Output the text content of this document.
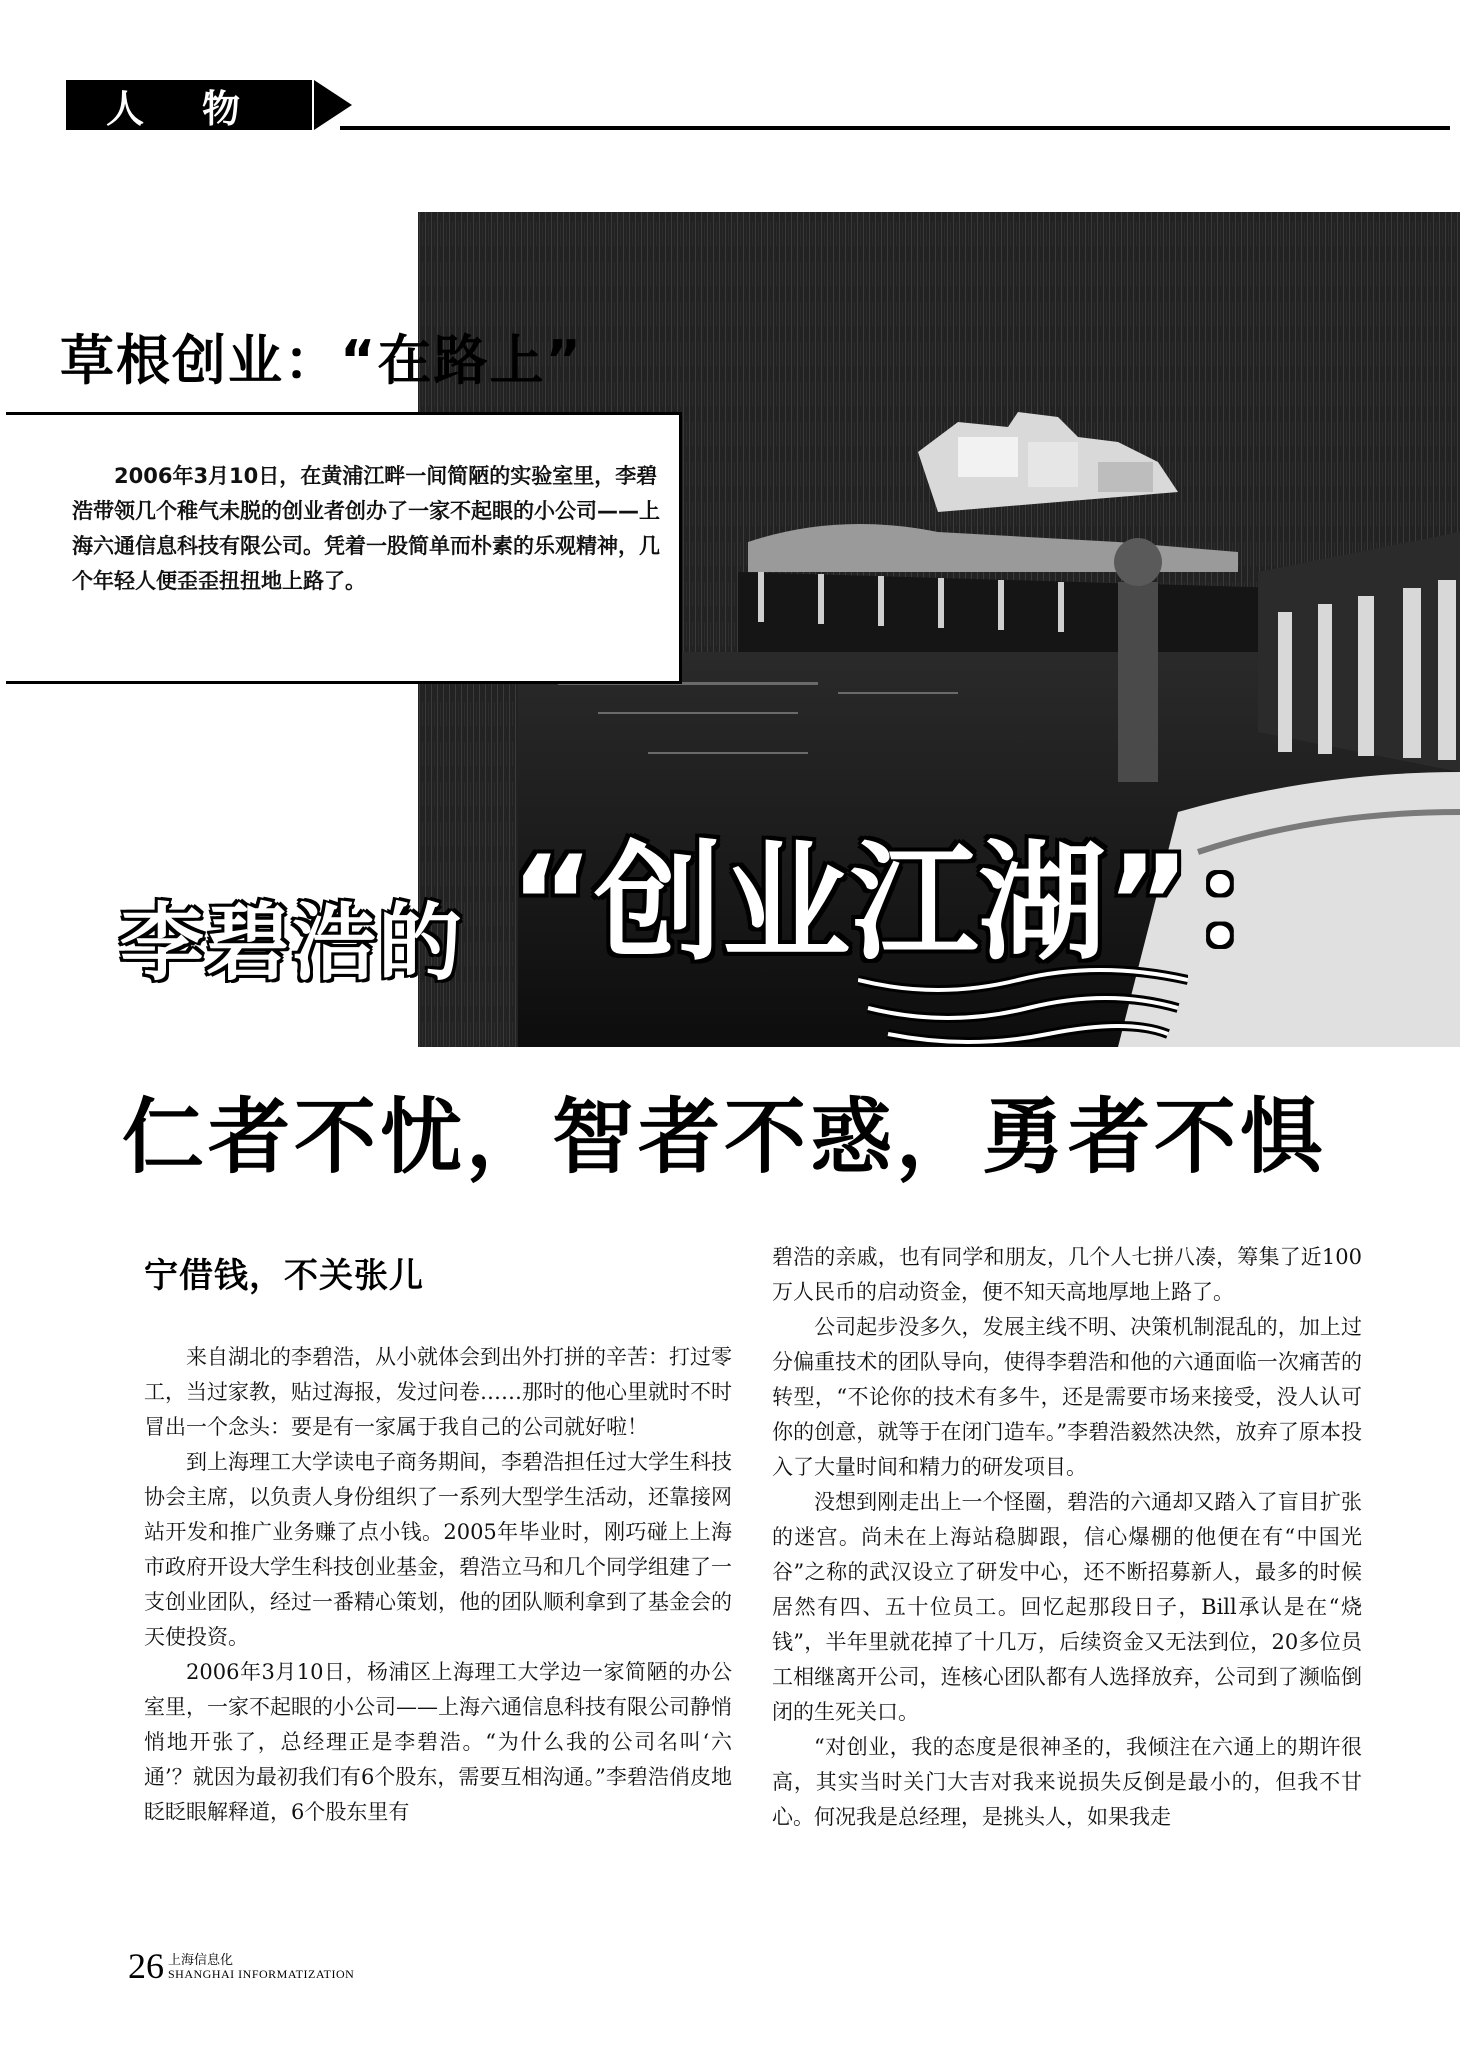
人物
草根创业：“在路上”
2006年3月10日，在黄浦江畔一间简陋的实验室里，李碧浩带领几个稚气未脱的创业者创办了一家不起眼的小公司——上海六通信息科技有限公司。凭着一股简单而朴素的乐观精神，几个年轻人便歪歪扭扭地上路了。
李碧浩的 “创业江湖”：
仁者不忧，智者不惑，勇者不惧
宁借钱，不关张儿

来自湖北的李碧浩，从小就体会到出外打拼的辛苦：打过零工，当过家教，贴过海报，发过问卷……那时的他心里就时不时冒出一个念头：要是有一家属于我自己的公司就好啦！

到上海理工大学读电子商务期间，李碧浩担任过大学生科技协会主席，以负责人身份组织了一系列大型学生活动，还靠接网站开发和推广业务赚了点小钱。2005年毕业时，刚巧碰上上海市政府开设大学生科技创业基金，碧浩立马和几个同学组建了一支创业团队，经过一番精心策划，他的团队顺利拿到了基金会的天使投资。

2006年3月10日，杨浦区上海理工大学边一家简陋的办公室里，一家不起眼的小公司——上海六通信息科技有限公司静悄悄地开张了，总经理正是李碧浩。“为什么我的公司名叫‘六通’？就因为最初我们有6个股东，需要互相沟通。”李碧浩俏皮地眨眨眼解释道，6个股东里有

碧浩的亲戚，也有同学和朋友，几个人七拼八凑，筹集了近100万人民币的启动资金，便不知天高地厚地上路了。

公司起步没多久，发展主线不明、决策机制混乱的，加上过分偏重技术的团队导向，使得李碧浩和他的六通面临一次痛苦的转型，“不论你的技术有多牛，还是需要市场来接受，没人认可你的创意，就等于在闭门造车。”李碧浩毅然决然，放弃了原本投入了大量时间和精力的研发项目。

没想到刚走出上一个怪圈，碧浩的六通却又踏入了盲目扩张的迷宫。尚未在上海站稳脚跟，信心爆棚的他便在有“中国光谷”之称的武汉设立了研发中心，还不断招募新人，最多的时候居然有四、五十位员工。回忆起那段日子，Bill承认是在“烧钱”，半年里就花掉了十几万，后续资金又无法到位，20多位员工相继离开公司，连核心团队都有人选择放弃，公司到了濒临倒闭的生死关口。

“对创业，我的态度是很神圣的，我倾注在六通上的期许很高，其实当时关门大吉对我来说损失反倒是最小的，但我不甘心。何况我是总经理，是挑头人，如果我走

26 上海信息化
SHANGHAI INFORMATIZATION
